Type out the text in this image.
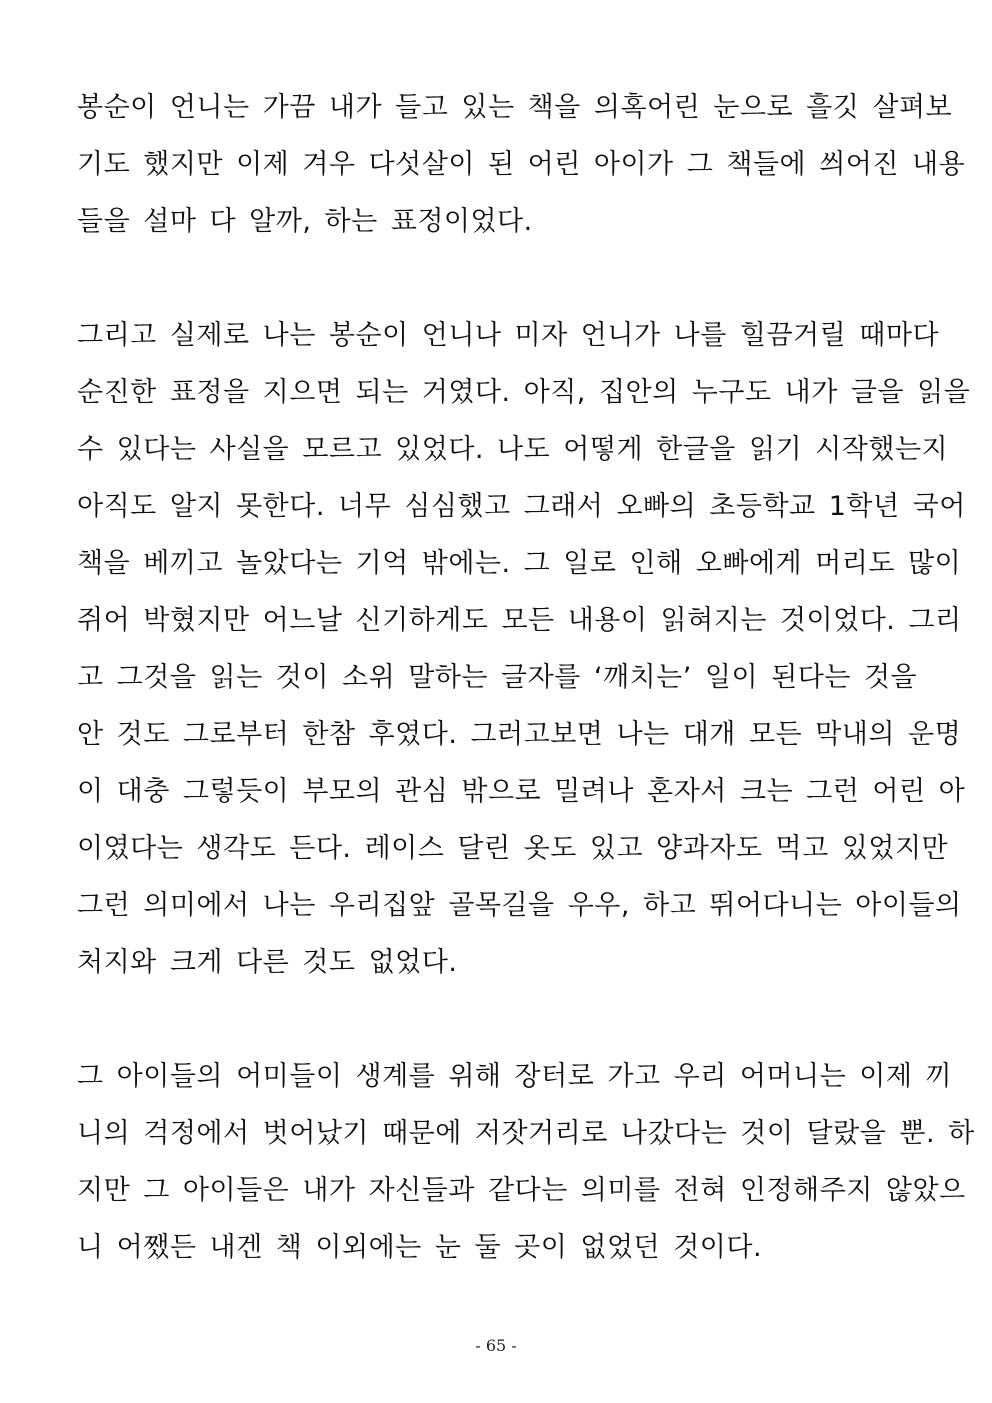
봉순이 언니는 가끔 내가 들고 있는 책을 의혹어린 눈으로 흘깃 살펴보
기도 했지만 이제 겨우 다섯살이 된 어린 아이가 그 책들에 씌어진 내용
들을 설마 다 알까, 하는 표정이었다.
그리고 실제로 나는 봉순이 언니나 미자 언니가 나를 힐끔거릴 때마다
순진한 표정을 지으면 되는 거였다. 아직, 집안의 누구도 내가 글을 읽을
수 있다는 사실을 모르고 있었다. 나도 어떻게 한글을 읽기 시작했는지
아직도 알지 못한다. 너무 심심했고 그래서 오빠의 초등학교 1학년 국어
책을 베끼고 놀았다는 기억 밖에는. 그 일로 인해 오빠에게 머리도 많이
쥐어 박혔지만 어느날 신기하게도 모든 내용이 읽혀지는 것이었다. 그리
고 그것을 읽는 것이 소위 말하는 글자를 ‘깨치는’ 일이 된다는 것을
안 것도 그로부터 한참 후였다. 그러고보면 나는 대개 모든 막내의 운명
이 대충 그렇듯이 부모의 관심 밖으로 밀려나 혼자서 크는 그런 어린 아
이였다는 생각도 든다. 레이스 달린 옷도 있고 양과자도 먹고 있었지만
그런 의미에서 나는 우리집앞 골목길을 우우, 하고 뛰어다니는 아이들의
처지와 크게 다른 것도 없었다.
그 아이들의 어미들이 생계를 위해 장터로 가고 우리 어머니는 이제 끼
니의 걱정에서 벗어났기 때문에 저잣거리로 나갔다는 것이 달랐을 뿐. 하
지만 그 아이들은 내가 자신들과 같다는 의미를 전혀 인정해주지 않았으
니 어쨌든 내겐 책 이외에는 눈 둘 곳이 없었던 것이다.
- 65 -
